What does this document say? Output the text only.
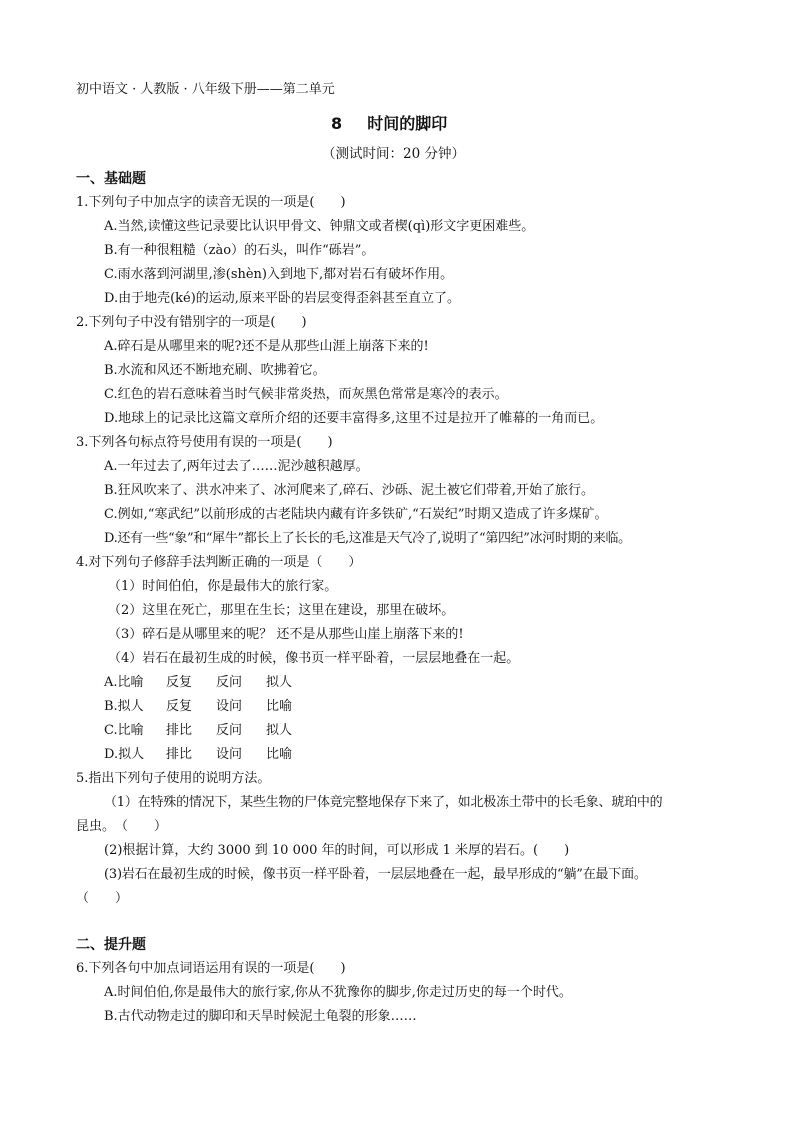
初中语文 · 人教版 · 八年级下册——第二单元
8 时间的脚印
（测试时间：20 分钟）
一、基础题
1.下列句子中加点字的读音无误的一项是(　　)
A.当然,读懂这些记录要比认识甲骨文、钟鼎文或者楔(qì)形文字更困难些。
B.有一种很粗糙（zào）的石头，叫作“砾岩”。
C.雨水落到河湖里,渗(shèn)入到地下,都对岩石有破坏作用。
D.由于地壳(ké)的运动,原来平卧的岩层变得歪斜甚至直立了。
2.下列句子中没有错别字的一项是(　　)
A.碎石是从哪里来的呢?还不是从那些山涯上崩落下来的!
B.水流和风还不断地充刷、吹拂着它。
C.红色的岩石意味着当时气候非常炎热，而灰黑色常常是寒冷的表示。
D.地球上的记录比这篇文章所介绍的还要丰富得多,这里不过是拉开了帷幕的一角而已。
3.下列各句标点符号使用有误的一项是(　　)
A.一年过去了,两年过去了……泥沙越积越厚。
B.狂风吹来了、洪水冲来了、冰河爬来了,碎石、沙砾、泥土被它们带着,开始了旅行。
C.例如,“寒武纪”以前形成的古老陆块内藏有许多铁矿,“石炭纪”时期又造成了许多煤矿。
D.还有一些“象”和“犀牛”都长上了长长的毛,这准是天气冷了,说明了“第四纪”冰河时期的来临。
4.对下列句子修辞手法判断正确的一项是（　　）
（1）时间伯伯，你是最伟大的旅行家。
（2）这里在死亡，那里在生长；这里在建设，那里在破坏。
（3）碎石是从哪里来的呢？ 还不是从那些山崖上崩落下来的!
（4）岩石在最初生成的时候，像书页一样平卧着，一层层地叠在一起。
A.比喻 反复 反问 拟人
B.拟人 反复 设问 比喻
C.比喻 排比 反问 拟人
D.拟人 排比 设问 比喻
5.指出下列句子使用的说明方法。
（1）在特殊的情况下，某些生物的尸体竟完整地保存下来了，如北极冻土带中的长毛象、琥珀中的
昆虫。　（　　）
(2)根据计算，大约 3000 到 10 000 年的时间，可以形成 1 米厚的岩石。(　　)
(3)岩石在最初生成的时候，像书页一样平卧着，一层层地叠在一起，最早形成的“躺”在最下面。
（　　）
二、提升题
6.下列各句中加点词语运用有误的一项是(　　)
A.时间伯伯,你是最伟大的旅行家,你从不犹豫你的脚步,你走过历史的每一个时代。
B.古代动物走过的脚印和天旱时候泥土龟裂的形象……
